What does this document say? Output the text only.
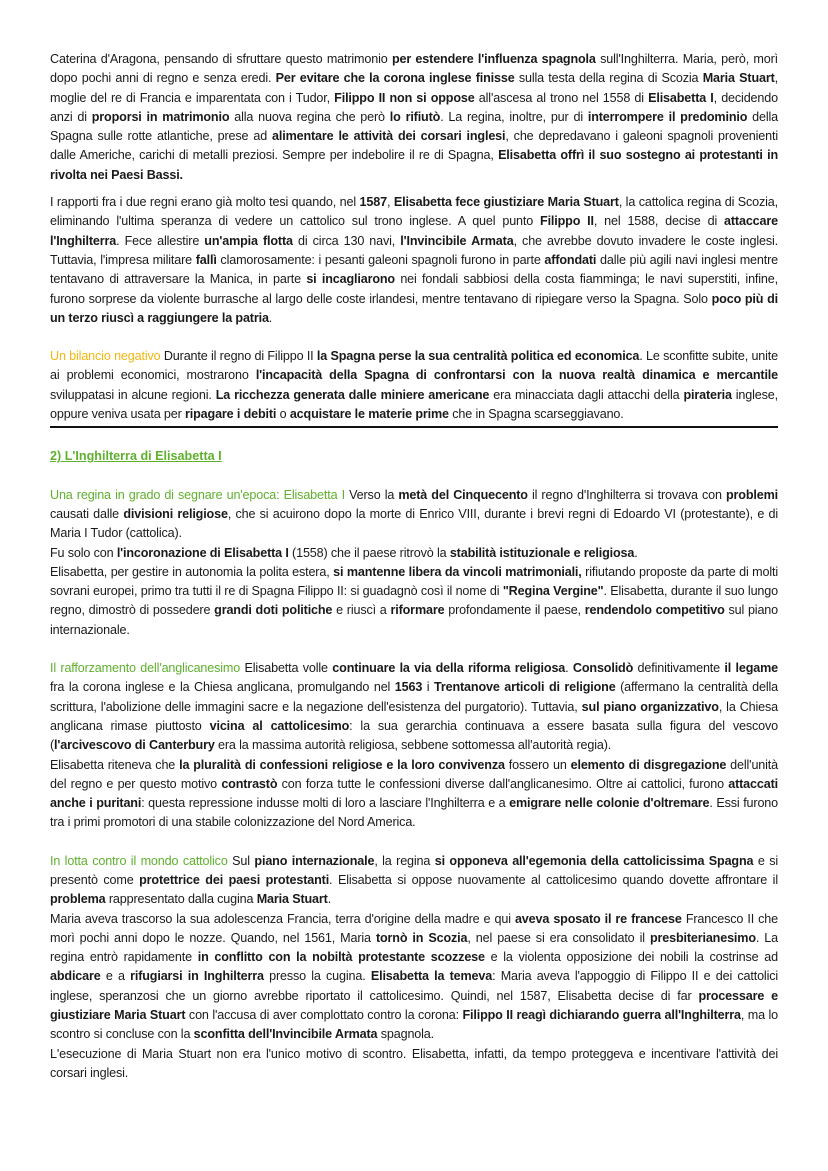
Caterina d'Aragona, pensando di sfruttare questo matrimonio per estendere l'influenza spagnola sull'Inghilterra. Maria, però, morì dopo pochi anni di regno e senza eredi. Per evitare che la corona inglese finisse sulla testa della regina di Scozia Maria Stuart, moglie del re di Francia e imparentata con i Tudor, Filippo II non si oppose all'ascesa al trono nel 1558 di Elisabetta I, decidendo anzi di proporsi in matrimonio alla nuova regina che però lo rifiutò. La regina, inoltre, pur di interrompere il predominio della Spagna sulle rotte atlantiche, prese ad alimentare le attività dei corsari inglesi, che depredavano i galeoni spagnoli provenienti dalle Americhe, carichi di metalli preziosi. Sempre per indebolire il re di Spagna, Elisabetta offrì il suo sostegno ai protestanti in rivolta nei Paesi Bassi.

I rapporti fra i due regni erano già molto tesi quando, nel 1587, Elisabetta fece giustiziare Maria Stuart, la cattolica regina di Scozia, eliminando l'ultima speranza di vedere un cattolico sul trono inglese. A quel punto Filippo II, nel 1588, decise di attaccare l'Inghilterra. Fece allestire un'ampia flotta di circa 130 navi, l'Invincibile Armata, che avrebbe dovuto invadere le coste inglesi. Tuttavia, l'impresa militare fallì clamorosamente: i pesanti galeoni spagnoli furono in parte affondati dalle più agili navi inglesi mentre tentavano di attraversare la Manica, in parte si incagliarono nei fondali sabbiosi della costa fiamminga; le navi superstiti, infine, furono sorprese da violente burrasche al largo delle coste irlandesi, mentre tentavano di ripiegare verso la Spagna. Solo poco più di un terzo riuscì a raggiungere la patria.

Un bilancio negativo Durante il regno di Filippo II la Spagna perse la sua centralità politica ed economica. Le sconfitte subite, unite ai problemi economici, mostrarono l'incapacità della Spagna di confrontarsi con la nuova realtà dinamica e mercantile sviluppatasi in alcune regioni. La ricchezza generata dalle miniere americane era minacciata dagli attacchi della pirateria inglese, oppure veniva usata per ripagare i debiti o acquistare le materie prime che in Spagna scarseggiavano.

2) L'Inghilterra di Elisabetta I

Una regina in grado di segnare un'epoca: Elisabetta I Verso la metà del Cinquecento il regno d'Inghilterra si trovava con problemi causati dalle divisioni religiose, che si acuirono dopo la morte di Enrico VIII, durante i brevi regni di Edoardo VI (protestante), e di Maria I Tudor (cattolica).

Fu solo con l'incoronazione di Elisabetta I (1558) che il paese ritrovò la stabilità istituzionale e religiosa.

Elisabetta, per gestire in autonomia la polita estera, si mantenne libera da vincoli matrimoniali, rifiutando proposte da parte di molti sovrani europei, primo tra tutti il re di Spagna Filippo II: si guadagnò così il nome di "Regina Vergine". Elisabetta, durante il suo lungo regno, dimostrò di possedere grandi doti politiche e riuscì a riformare profondamente il paese, rendendolo competitivo sul piano internazionale.

Il rafforzamento dell'anglicanesimo Elisabetta volle continuare la via della riforma religiosa. Consolidò definitivamente il legame fra la corona inglese e la Chiesa anglicana, promulgando nel 1563 i Trentanove articoli di religione (affermano la centralità della scrittura, l'abolizione delle immagini sacre e la negazione dell'esistenza del purgatorio). Tuttavia, sul piano organizzativo, la Chiesa anglicana rimase piuttosto vicina al cattolicesimo: la sua gerarchia continuava a essere basata sulla figura del vescovo (l'arcivescovo di Canterbury era la massima autorità religiosa, sebbene sottomessa all'autorità regia).

Elisabetta riteneva che la pluralità di confessioni religiose e la loro convivenza fossero un elemento di disgregazione dell'unità del regno e per questo motivo contrastò con forza tutte le confessioni diverse dall'anglicanesimo. Oltre ai cattolici, furono attaccati anche i puritani: questa repressione indusse molti di loro a lasciare l'Inghilterra e a emigrare nelle colonie d'oltremare. Essi furono tra i primi promotori di una stabile colonizzazione del Nord America.

In lotta contro il mondo cattolico Sul piano internazionale, la regina si opponeva all'egemonia della cattolicissima Spagna e si presentò come protettrice dei paesi protestanti. Elisabetta si oppose nuovamente al cattolicesimo quando dovette affrontare il problema rappresentato dalla cugina Maria Stuart.

Maria aveva trascorso la sua adolescenza Francia, terra d'origine della madre e qui aveva sposato il re francese Francesco II che morì pochi anni dopo le nozze. Quando, nel 1561, Maria tornò in Scozia, nel paese si era consolidato il presbiterianesimo. La regina entrò rapidamente in conflitto con la nobiltà protestante scozzese e la violenta opposizione dei nobili la costrinse ad abdicare e a rifugiarsi in Inghilterra presso la cugina. Elisabetta la temeva: Maria aveva l'appoggio di Filippo II e dei cattolici inglese, speranzosi che un giorno avrebbe riportato il cattolicesimo. Quindi, nel 1587, Elisabetta decise di far processare e giustiziare Maria Stuart con l'accusa di aver complottato contro la corona: Filippo II reagì dichiarando guerra all'Inghilterra, ma lo scontro si concluse con la sconfitta dell'Invincibile Armata spagnola.

L'esecuzione di Maria Stuart non era l'unico motivo di scontro. Elisabetta, infatti, da tempo proteggeva e incentivare l'attività dei corsari inglesi.
